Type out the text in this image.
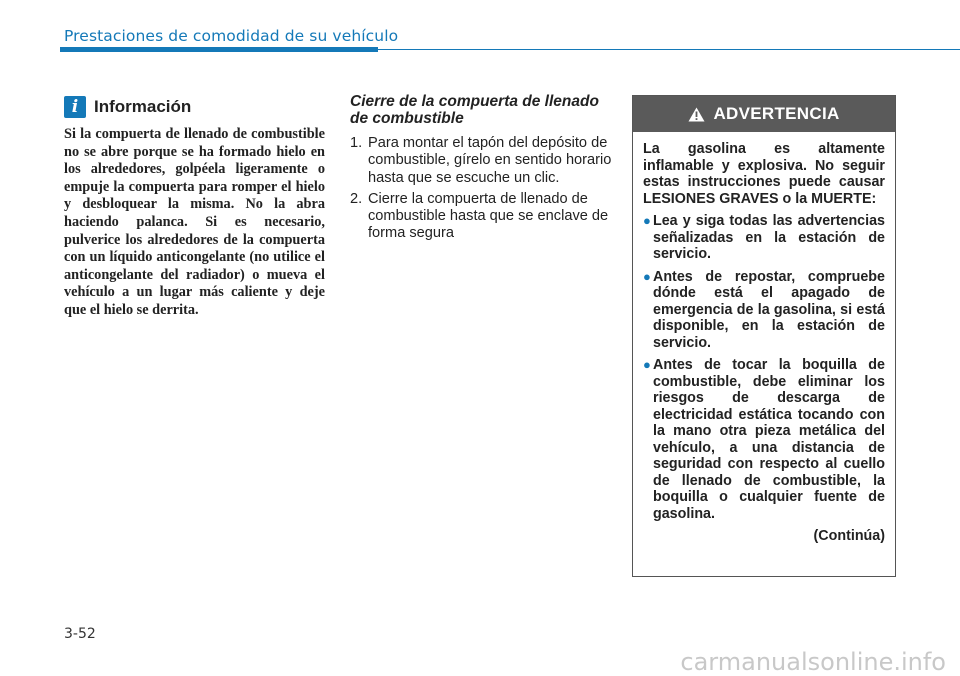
Prestaciones de comodidad de su vehículo
i Información
Si la compuerta de llenado de combustible no se abre porque se ha formado hielo en los alrededores, golpéela ligeramente o empuje la compuerta para romper el hielo y desbloquear la misma. No la abra haciendo palanca. Si es necesario, pulverice los alrededores de la compuerta con un líquido anticongelante (no utilice el anticongelante del radiador) o mueva el vehículo a un lugar más caliente y deje que el hielo se derrita.
Cierre de la compuerta de llenado de combustible
1. Para montar el tapón del depósito de combustible, gírelo en sentido horario hasta que se escuche un clic.
2. Cierre la compuerta de llenado de combustible hasta que se enclave de forma segura
ADVERTENCIA

La gasolina es altamente inflamable y explosiva. No seguir estas instrucciones puede causar LESIONES GRAVES o la MUERTE:

● Lea y siga todas las advertencias señalizadas en la estación de servicio.
● Antes de repostar, compruebe dónde está el apagado de emergencia de la gasolina, si está disponible, en la estación de servicio.
● Antes de tocar la boquilla de combustible, debe eliminar los riesgos de descarga de electricidad estática tocando con la mano otra pieza metálica del vehículo, a una distancia de seguridad con respecto al cuello de llenado de combustible, la boquilla o cualquier fuente de gasolina.
(Continúa)
3-52
carmanualsonline.info
